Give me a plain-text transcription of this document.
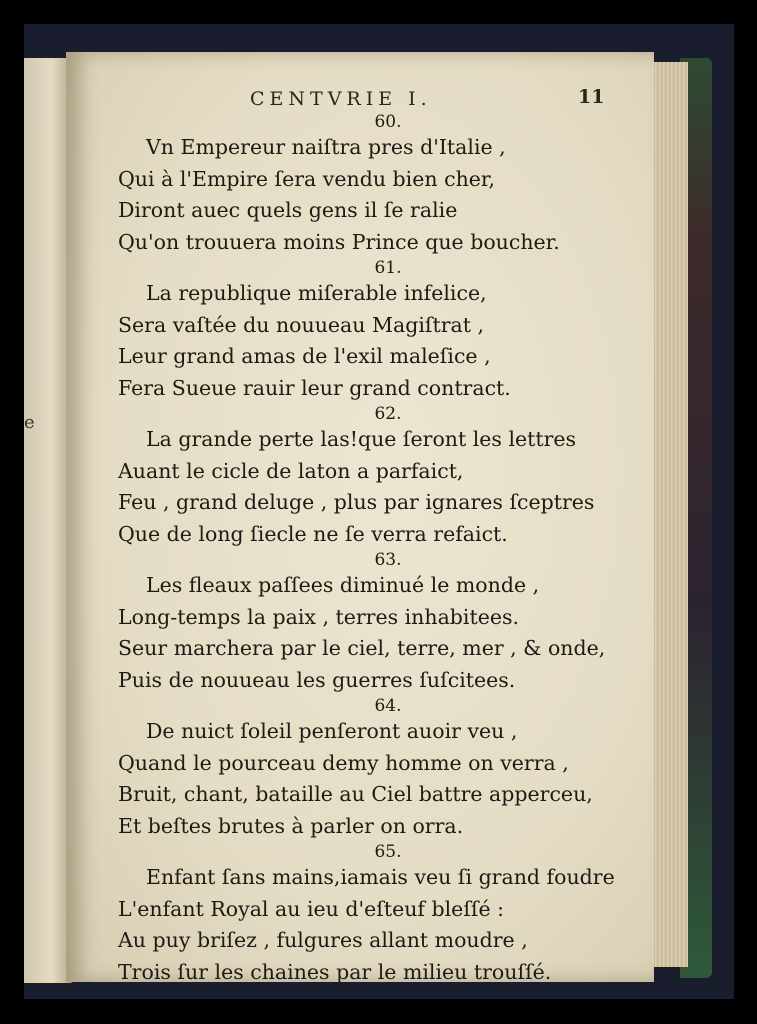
e
CENTVRIE I.	11
60.
Vn Empereur naiſtra pres d'Italie ,
Qui à l'Empire ſera vendu bien cher,
Diront auec quels gens il ſe ralie
Qu'on trouuera moins Prince que boucher.
61.
La republique miſerable infelice,
Sera vaſtée du nouueau Magiſtrat ,
Leur grand amas de l'exil maleſice ,
Fera Sueue rauir leur grand contract.
62.
La grande perte las!que ſeront les lettres
Auant le cicle de laton a parfaict,
Feu , grand deluge , plus par ignares ſceptres
Que de long ſiecle ne ſe verra refaict.
63.
Les fleaux paſſees diminué le monde ,
Long-temps la paix , terres inhabitees.
Seur marchera par le ciel, terre, mer , & onde,
Puis de nouueau les guerres ſuſcitees.
64.
De nuict ſoleil penſeront auoir veu ,
Quand le pourceau demy homme on verra ,
Bruit, chant, bataille au Ciel battre apperceu,
Et beſtes brutes à parler on orra.
65.
Enfant ſans mains,iamais veu ſi grand foudre
L'enfant Royal au ieu d'eſteuf bleſſé :
Au puy briſez , fulgures allant moudre ,
Trois ſur les chaines par le milieu trouſſé.
